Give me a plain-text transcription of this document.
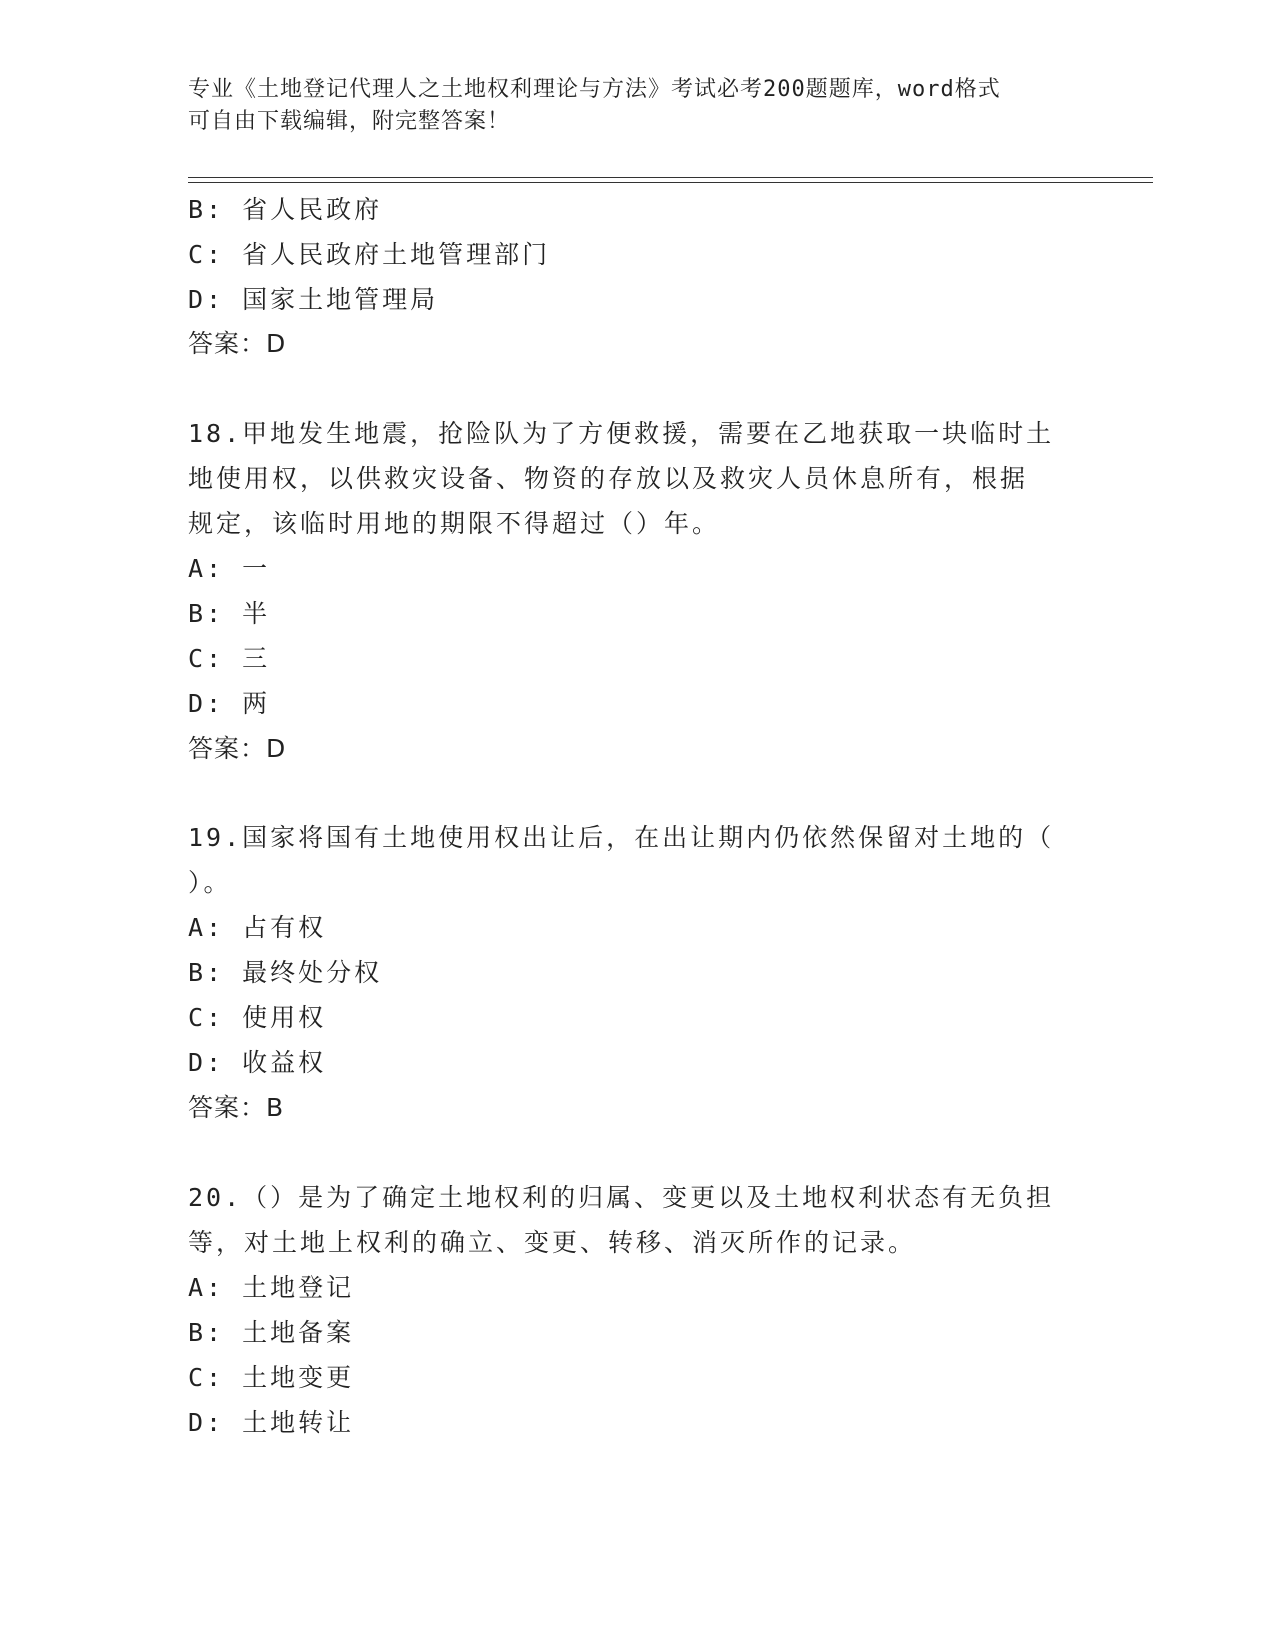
专业《土地登记代理人之土地权利理论与方法》考试必考200题题库，word格式
可自由下载编辑，附完整答案！
B: 省人民政府
C: 省人民政府土地管理部门
D: 国家土地管理局
答案：D
18.甲地发生地震，抢险队为了方便救援，需要在乙地获取一块临时土
地使用权，以供救灾设备、物资的存放以及救灾人员休息所有，根据
规定，该临时用地的期限不得超过（）年。
A: 一
B: 半
C: 三
D: 两
答案：D
19.国家将国有土地使用权出让后，在出让期内仍依然保留对土地的（
）。
A: 占有权
B: 最终处分权
C: 使用权
D: 收益权
答案：B
20.（）是为了确定土地权利的归属、变更以及土地权利状态有无负担
等，对土地上权利的确立、变更、转移、消灭所作的记录。
A: 土地登记
B: 土地备案
C: 土地变更
D: 土地转让
